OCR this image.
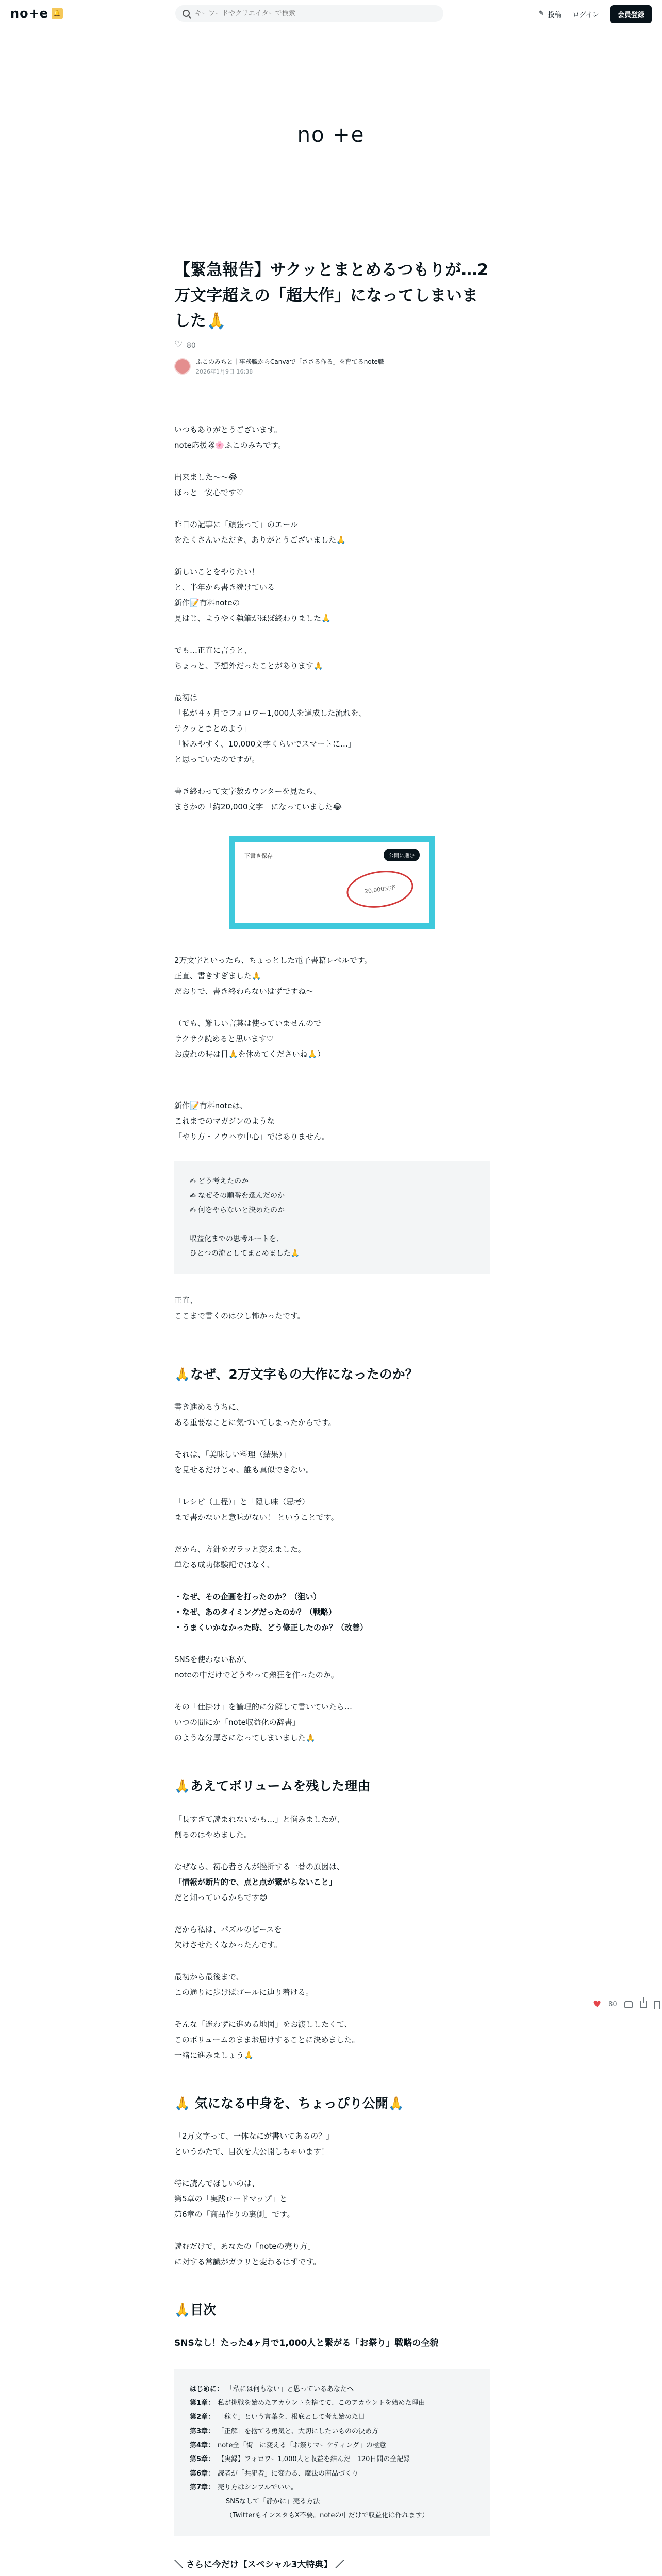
no+e 🔔
キーワードやクリエイターで検索
✎	投稿 ログイン	会員登録
no +e
【緊急報告】サクッとまとめるつもりが…2万文字超えの「超大作」になってしまいました🙏
♡
80
ふこのみちと｜事務職からCanvaで「ささる作る」を育てるnote職
2026年1月9日 16:38

いつもありがとうございます。

note応援隊🌸ふこのみちです。

出来ました〜〜😂

ほっと一安心です♡

昨日の記事に「頑張って」のエール

をたくさんいただき、ありがとうございました🙏

新しいことをやりたい！

と、半年から書き続けている

新作📝有料noteの

見はじ、ようやく執筆がほぼ終わりました🙏

でも…正直に言うと、

ちょっと、予想外だったことがあります🙏

最初は

「私が４ヶ月でフォロワー1,000人を達成した流れを、

サクッとまとめよう」

「読みやすく、10,000文字くらいでスマートに…」

と思っていたのですが。

書き終わって文字数カウンターを見たら、

まさかの「約20,000文字」になっていました😂

下書き保存	公開に進む
20,000文字

2万文字といったら、ちょっとした電子書籍レベルです。

正直、書きすぎました🙏

だおりで、書き終わらないはずですね〜

（でも、難しい言葉は使っていませんので

サクサク読めると思います♡

お疲れの時は目🙏を休めてくださいね🙏）

新作📝有料noteは、

これまでのマガジンのような

「やり方・ノウハウ中心」ではありません。

✍ どう考えたのか

✍ なぜその順番を選んだのか

✍ 何をやらないと決めたのか

収益化までの思考ルートを、

ひとつの流としてまとめました🙏

正直、

ここまで書くのは少し怖かったです。

🙏なぜ、2万文字もの大作になったのか？

書き進めるうちに、

ある重要なことに気づいてしまったからです。

それは、「美味しい料理（結果）」

を見せるだけじゃ、誰も真似できない。

「レシピ（工程）」と「隠し味（思考）」

まで書かないと意味がない！ ということです。

だから、方針をガラッと変えました。

単なる成功体験記ではなく、

・なぜ、その企画を打ったのか？（狙い）

・なぜ、あのタイミングだったのか？（戦略）

・うまくいかなかった時、どう修正したのか？（改善）

SNSを使わない私が、

noteの中だけでどうやって熱狂を作ったのか。

その「仕掛け」を論理的に分解して書いていたら…

いつの間にか「note収益化の辞書」

のような分厚さになってしまいました🙏

🙏あえてボリュームを残した理由

「長すぎて読まれないかも…」と悩みましたが、

削るのはやめました。

なぜなら、初心者さんが挫折する一番の原因は、

「情報が断片的で、点と点が繋がらないこと」

だと知っているからです😊

だから私は、パズルのピースを

欠けさせたくなかったんです。

最初から最後まで、

この通りに歩けばゴールに辿り着ける。

そんな「迷わずに進める地図」をお渡ししたくて、

このボリュームのままお届けすることに決めました。

一緒に進みましょう🙏

🙏 気になる中身を、ちょっぴり公開🙏

「2万文字って、一体なにが書いてあるの？」

というかたで、目次を大公開しちゃいます！

特に読んでほしいのは、

第5章の「実践ロードマップ」と

第6章の「商品作りの裏側」です。

読むだけで、あなたの「noteの売り方」

に対する常識がガラリと変わるはずです。

🙏目次
SNSなし！たった4ヶ月で1,000人と繋がる「お祭り」戦略の全貌
はじめに： 「私には何もない」と思っているあなたへ
第1章： 私が挑戦を始めたアカウントを捨てて、このアカウントを始めた理由
第2章： 「稼ぐ」という言葉を、根底として考え始めた日
第3章： 「正解」を捨てる勇気と、大切にしたいものの決め方
第4章： note全「街」に変える「お祭りマーケティング」の極意
第5章： 【実録】フォロワー1,000人と収益を結んだ「120日間の全記録」
第6章： 読者が「共犯者」に変わる、魔法の商品づくり
第7章： 売り方はシンプルでいい。
SNSなして「静かに」売る方法
（TwitterもインスタもX不要。noteの中だけで収益化は作れます）
＼ さらに今だけ【スペシャル3大特典】 ／
♥ 80
